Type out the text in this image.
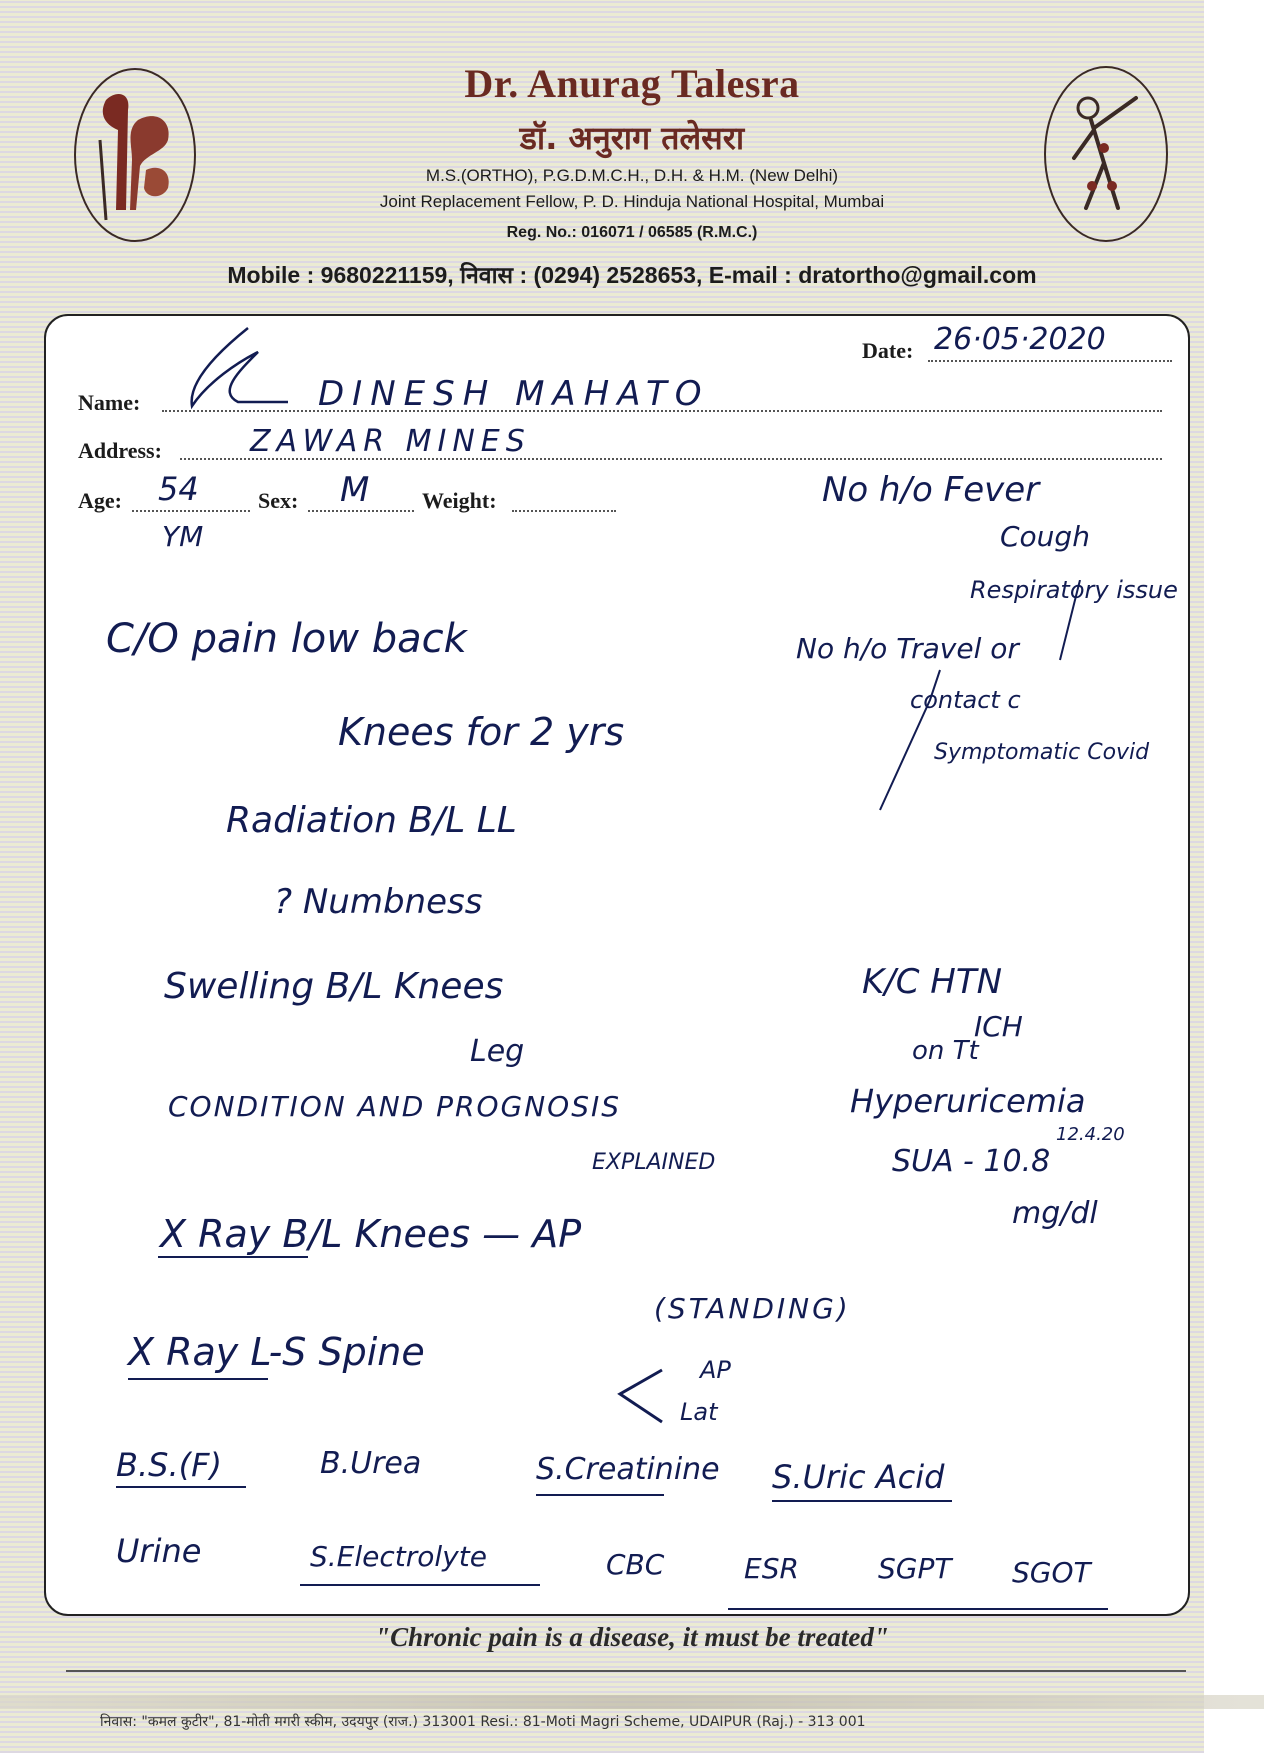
Dr. Anurag Talesra
डॉ. अनुराग तलेसरा
M.S.(ORTHO), P.G.D.M.C.H., D.H. & H.M. (New Delhi)
Joint Replacement Fellow, P. D. Hinduja National Hospital, Mumbai
Reg. No.: 016071 / 06585 (R.M.C.)
Mobile : 9680221159, निवास : (0294) 2528653, E-mail : dratortho@gmail.com
Date: 26·05·2020
Name:	DINESH MAHATO
Address:	ZAWAR MINES
Age: 54
YM
Sex: M Weight:	No h/o Fever
Cough
Respiratory issue
No h/o Travel or
contact c
Symptomatic Covid
C/O pain low back
Knees for 2 yrs
Radiation B/L LL
? Numbness
Swelling B/L Knees
Leg
CONDITION AND PROGNOSIS
EXPLAINED
K/C HTN
on Tt
ICH
Hyperuricemia
12.4.20
SUA - 10.8
mg/dl
X Ray B/L Knees — AP
(STANDING)
X Ray L-S Spine	AP
Lat
B.S.(F)	B.Urea	S.Creatinine S.Uric Acid
Urine	S.Electrolyte	CBC	ESR	SGPT SGOT
"Chronic pain is a disease, it must be treated"
निवास: "कमल कुटीर", 81-मोती मगरी स्कीम, उदयपुर (राज.) 313001 Resi.: 81-Moti Magri Scheme, UDAIPUR (Raj.) - 313 001
